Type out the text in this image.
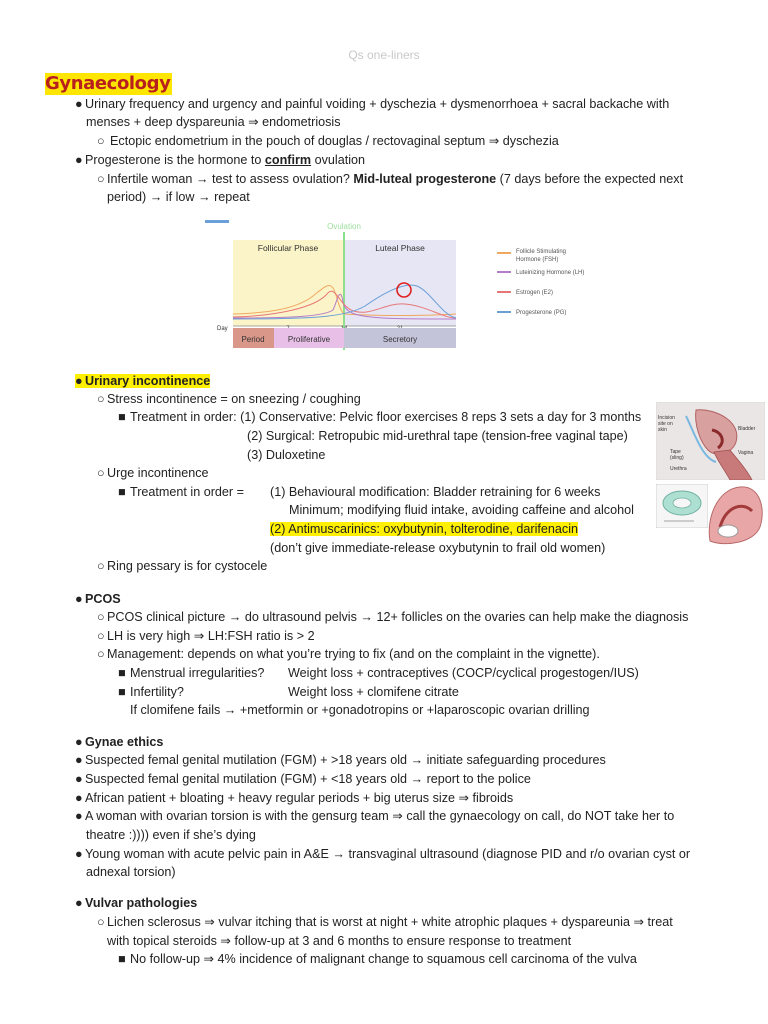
Qs one-liners
Gynaecology
● Urinary frequency and urgency and painful voiding + dyschezia + dysmenorrhoea + sacral backache with
menses + deep dyspareunia ⇒ endometriosis
○ Ectopic endometrium in the pouch of douglas / rectovaginal septum ⇒ dyschezia
● Progesterone is the hormone to confirm ovulation
○ Infertile woman → test to assess ovulation? Mid-luteal progesterone (7 days before the expected next
period) → if low → repeat
Ovulation
Follicular Phase	Luteal Phase
Day
Period	Proliferative	Secretory
Follicle Stimulating
Hormone (FSH)
Luteinizing Hormone (LH)
Estrogen (E2)
Progesterone (PG)
● Urinary incontinence
○ Stress incontinence = on sneezing / coughing
■ Treatment in order: (1) Conservative: Pelvic floor exercises 8 reps 3 sets a day for 3 months
(2) Surgical: Retropubic mid-urethral tape (tension-free vaginal tape)
(3) Duloxetine
○ Urge incontinence
■ Treatment in order = (1) Behavioural modification: Bladder retraining for 6 weeks
Minimum; modifying fluid intake, avoiding caffeine and alcohol
(2) Antimuscarinics: oxybutynin, tolterodine, darifenacin
(don’t give immediate-release oxybutynin to frail old women)
○ Ring pessary is for cystocele
Incision
site on
skin	Bladder
Tape
(sling)
Vagina
Urethra
● PCOS
○ PCOS clinical picture → do ultrasound pelvis → 12+ follicles on the ovaries can help make the diagnosis
○ LH is very high ⇒ LH:FSH ratio is > 2
○ Management: depends on what you’re trying to fix (and on the complaint in the vignette).
■ Menstrual irregularities? Weight loss + contraceptives (COCP/cyclical progestogen/IUS)
■ Infertility?	Weight loss + clomifene citrate
If clomifene fails → +metformin or +gonadotropins or +laparoscopic ovarian drilling
● Gynae ethics
● Suspected femal genital mutilation (FGM) + >18 years old → initiate safeguarding procedures
● Suspected femal genital mutilation (FGM) + <18 years old → report to the police
● African patient + bloating + heavy regular periods + big uterus size ⇒ fibroids
● A woman with ovarian torsion is with the gensurg team ⇒ call the gynaecology on call, do NOT take her to
theatre :)))) even if she’s dying
● Young woman with acute pelvic pain in A&E → transvaginal ultrasound (diagnose PID and r/o ovarian cyst or
adnexal torsion)
● Vulvar pathologies
○ Lichen sclerosus ⇒ vulvar itching that is worst at night + white atrophic plaques + dyspareunia ⇒ treat
with topical steroids ⇒ follow-up at 3 and 6 months to ensure response to treatment
■ No follow-up ⇒ 4% incidence of malignant change to squamous cell carcinoma of the vulva
